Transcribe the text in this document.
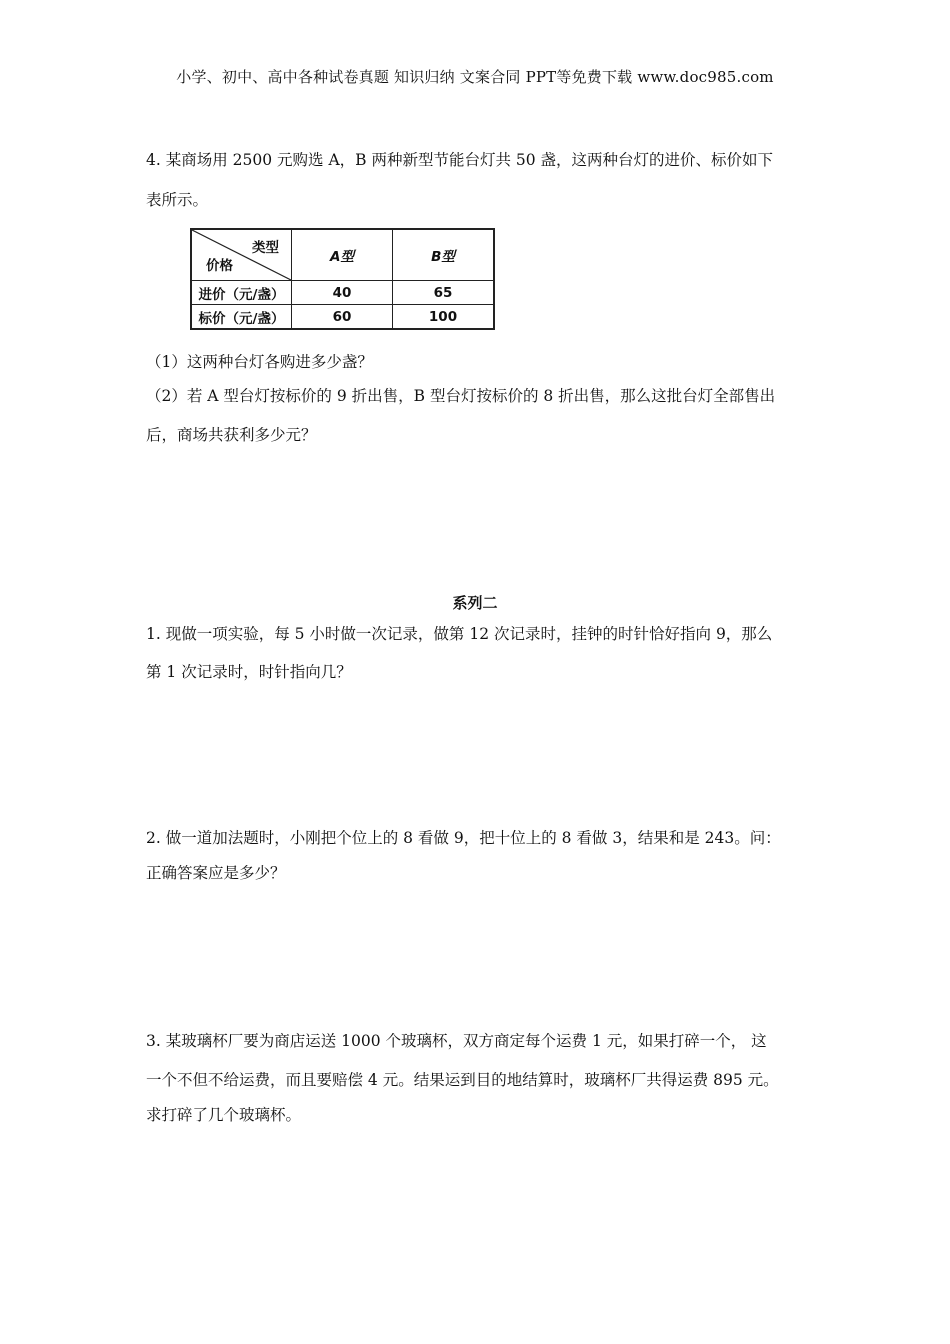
小学、初中、高中各种试卷真题 知识归纳 文案合同 PPT等免费下载 www.doc985.com
4. 某商场用 2500 元购选 A，B 两种新型节能台灯共 50 盏，这两种台灯的进价、标价如下
表所示。
类型
价格	A型	B型
进价（元/盏）	40	65
标价（元/盏）	60	100
（1）这两种台灯各购进多少盏？
（2）若 A 型台灯按标价的 9 折出售，B 型台灯按标价的 8 折出售，那么这批台灯全部售出
后，商场共获利多少元？
系列二
1. 现做一项实验，每 5 小时做一次记录，做第 12 次记录时，挂钟的时针恰好指向 9，那么
第 1 次记录时，时针指向几？
2. 做一道加法题时，小刚把个位上的 8 看做 9，把十位上的 8 看做 3，结果和是 243。问：
正确答案应是多少？
3. 某玻璃杯厂要为商店运送 1000 个玻璃杯，双方商定每个运费 1 元，如果打碎一个， 这
一个不但不给运费，而且要赔偿 4 元。结果运到目的地结算时，玻璃杯厂共得运费 895 元。
求打碎了几个玻璃杯。
